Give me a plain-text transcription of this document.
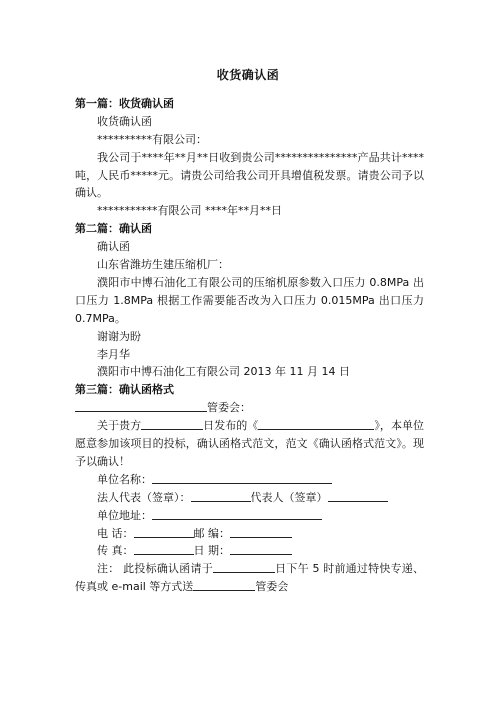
收货确认函
第一篇：收货确认函
收货确认函
**********有限公司：
我公司于****年**月**日收到贵公司***************产品共计****吨，人民币*****元。请贵公司给我公司开具增值税发票。请贵公司予以确认。
***********有限公司 ****年**月**日
第二篇：确认函
确认函
山东省潍坊生建压缩机厂：
濮阳市中博石油化工有限公司的压缩机原参数入口压力 0.8MPa 出口压力 1.8MPa 根据工作需要能否改为入口压力 0.015MPa 出口压力 0.7MPa。
谢谢为盼
李月华
濮阳市中博石油化工有限公司 2013 年 11 月 14 日
第三篇：确认函格式
管委会：
关于贵方	日发布的《	》，本单位愿意参加该项目的投标，确认函格式范文，范文《确认函格式范文》。现予以确认！
单位名称：
法人代表（签章）：	代表人（签章）
单位地址：
电 话：	邮 编：
传 真：	日 期：
注： 此投标确认函请于	日下午 5 时前通过特快专递、传真或 e-mail 等方式送	管委会
